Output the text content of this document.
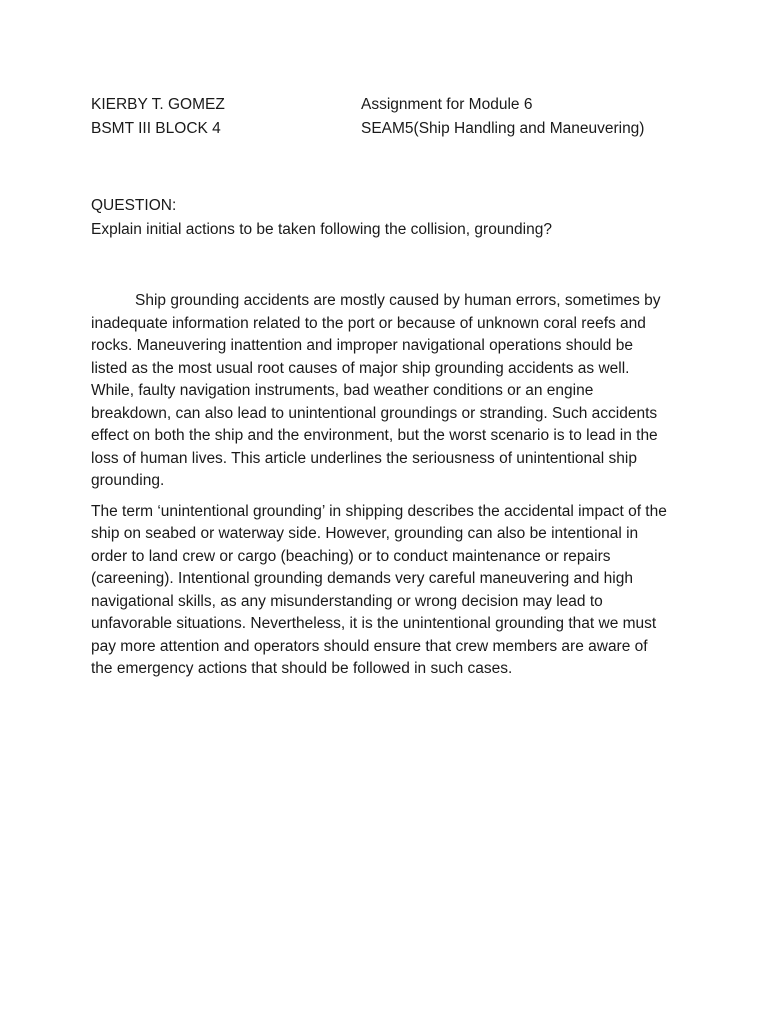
KIERBY T. GOMEZ	Assignment for Module 6
BSMT III BLOCK 4	SEAM5(Ship Handling and Maneuvering)
QUESTION:
Explain initial actions to be taken following the collision, grounding?

Ship grounding accidents are mostly caused by human errors, sometimes by inadequate information related to the port or because of unknown coral reefs and rocks. Maneuvering inattention and improper navigational operations should be listed as the most usual root causes of major ship grounding accidents as well. While, faulty navigation instruments, bad weather conditions or an engine breakdown, can also lead to unintentional groundings or stranding. Such accidents effect on both the ship and the environment, but the worst scenario is to lead in the loss of human lives. This article underlines the seriousness of unintentional ship grounding.

The term ‘unintentional grounding’ in shipping describes the accidental impact of the ship on seabed or waterway side. However, grounding can also be intentional in order to land crew or cargo (beaching) or to conduct maintenance or repairs (careening). Intentional grounding demands very careful maneuvering and high navigational skills, as any misunderstanding or wrong decision may lead to unfavorable situations. Nevertheless, it is the unintentional grounding that we must pay more attention and operators should ensure that crew members are aware of the emergency actions that should be followed in such cases.
